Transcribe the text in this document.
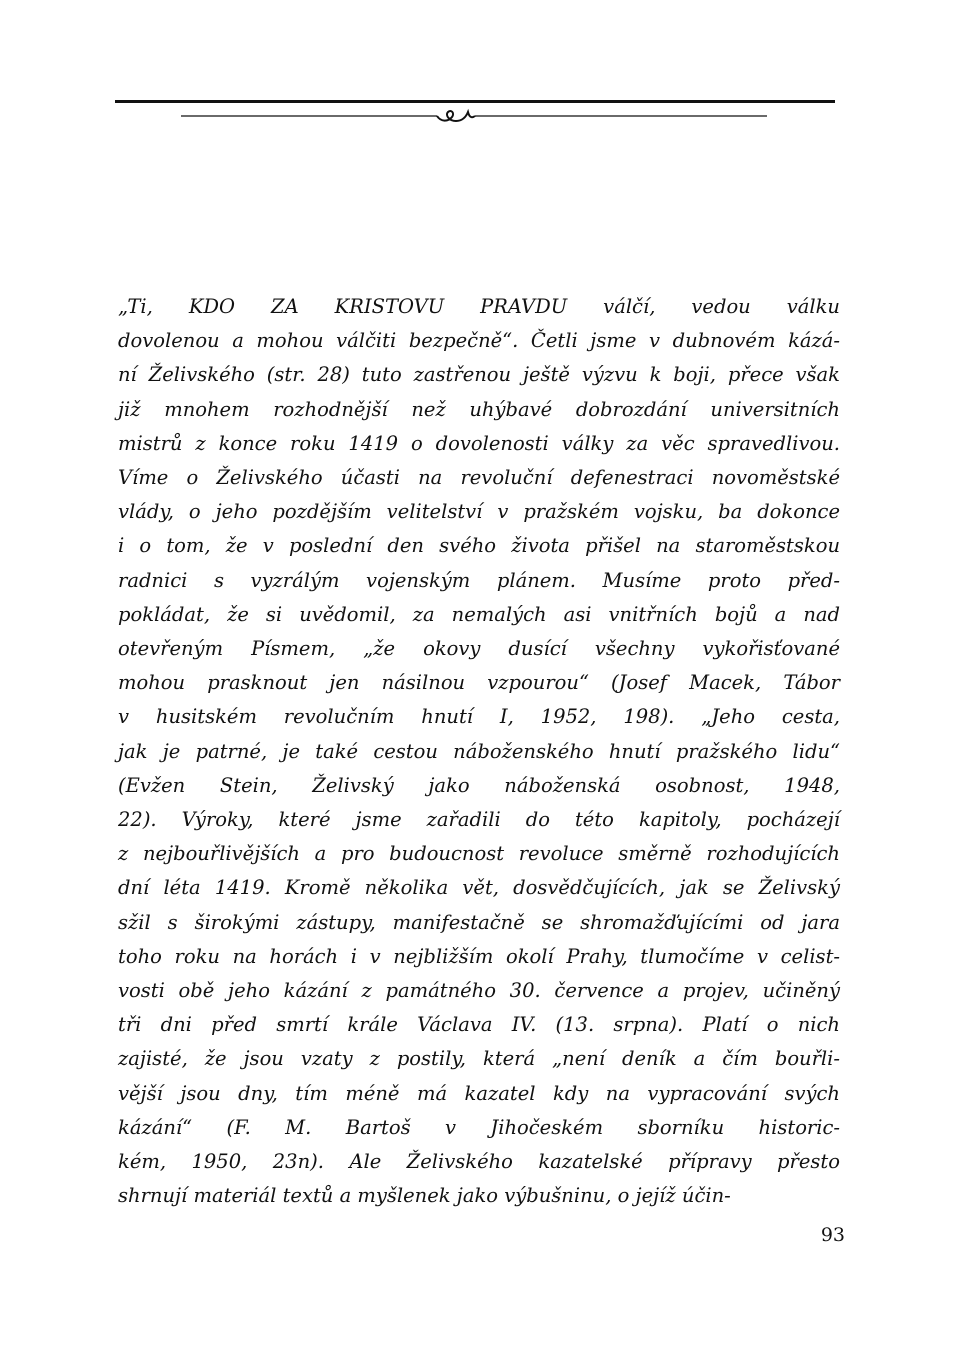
„Ti, KDO ZA KRISTOVU PRAVDU válčí, vedou válku
dovolenou a mohou válčiti bezpečně“. Četli jsme v dubnovém kázá-
ní Želivského (str. 28) tuto zastřenou ještě výzvu k boji, přece však
již mnohem rozhodnější než uhýbavé dobrozdání universitních
mistrů z konce roku 1419 o dovolenosti války za věc spravedlivou.
Víme o Želivského účasti na revoluční defenestraci novoměstské
vlády, o jeho pozdějším velitelství v pražském vojsku, ba dokonce
i o tom, že v poslední den svého života přišel na staroměstskou
radnici s vyzrálým vojenským plánem. Musíme proto před-
pokládat, že si uvědomil, za nemalých asi vnitřních bojů a nad
otevřeným Písmem, „že okovy dusící všechny vykořisťované
mohou prasknout jen násilnou vzpourou“ (Josef Macek, Tábor
v husitském revolučním hnutí I, 1952, 198). „Jeho cesta,
jak je patrné, je také cestou náboženského hnutí pražského lidu“
(Evžen Stein, Želivský jako náboženská osobnost, 1948,
22). Výroky, které jsme zařadili do této kapitoly, pocházejí
z nejbouřlivějších a pro budoucnost revoluce směrně rozhodujících
dní léta 1419. Kromě několika vět, dosvědčujících, jak se Želivský
sžil s širokými zástupy, manifestačně se shromažďujícími od jara
toho roku na horách i v nejbližším okolí Prahy, tlumočíme v celist-
vosti obě jeho kázání z památného 30. července a projev, učiněný
tři dni před smrtí krále Václava IV. (13. srpna). Platí o nich
zajisté, že jsou vzaty z postily, která „není deník a čím bouřli-
vější jsou dny, tím méně má kazatel kdy na vypracování svých
kázání“ (F. M. Bartoš v Jihočeském sborníku historic-
kém, 1950, 23n). Ale Želivského kazatelské přípravy přesto
shrnují materiál textů a myšlenek jako výbušninu, o jejíž účin-

93
